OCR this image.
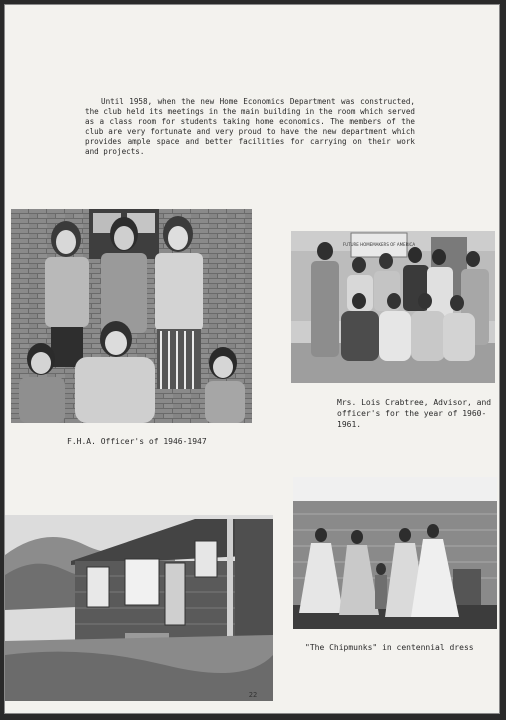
Until 1958, when the new Home Economics Department was constructed, the club held its meetings in the main building in the room which served as a class room for students taking home economics. The members of the club are very fortunate and very proud to have the new department which provides ample space and better facilities for carrying on their work and projects.

F.H.A. Officer's of 1946-1947

FUTURE HOMEMAKERS OF AMERICA

Mrs. Lois Crabtree, Advisor, and
officer's for the year of 1960-1961.

"The Chipmunks" in centennial dress

22
